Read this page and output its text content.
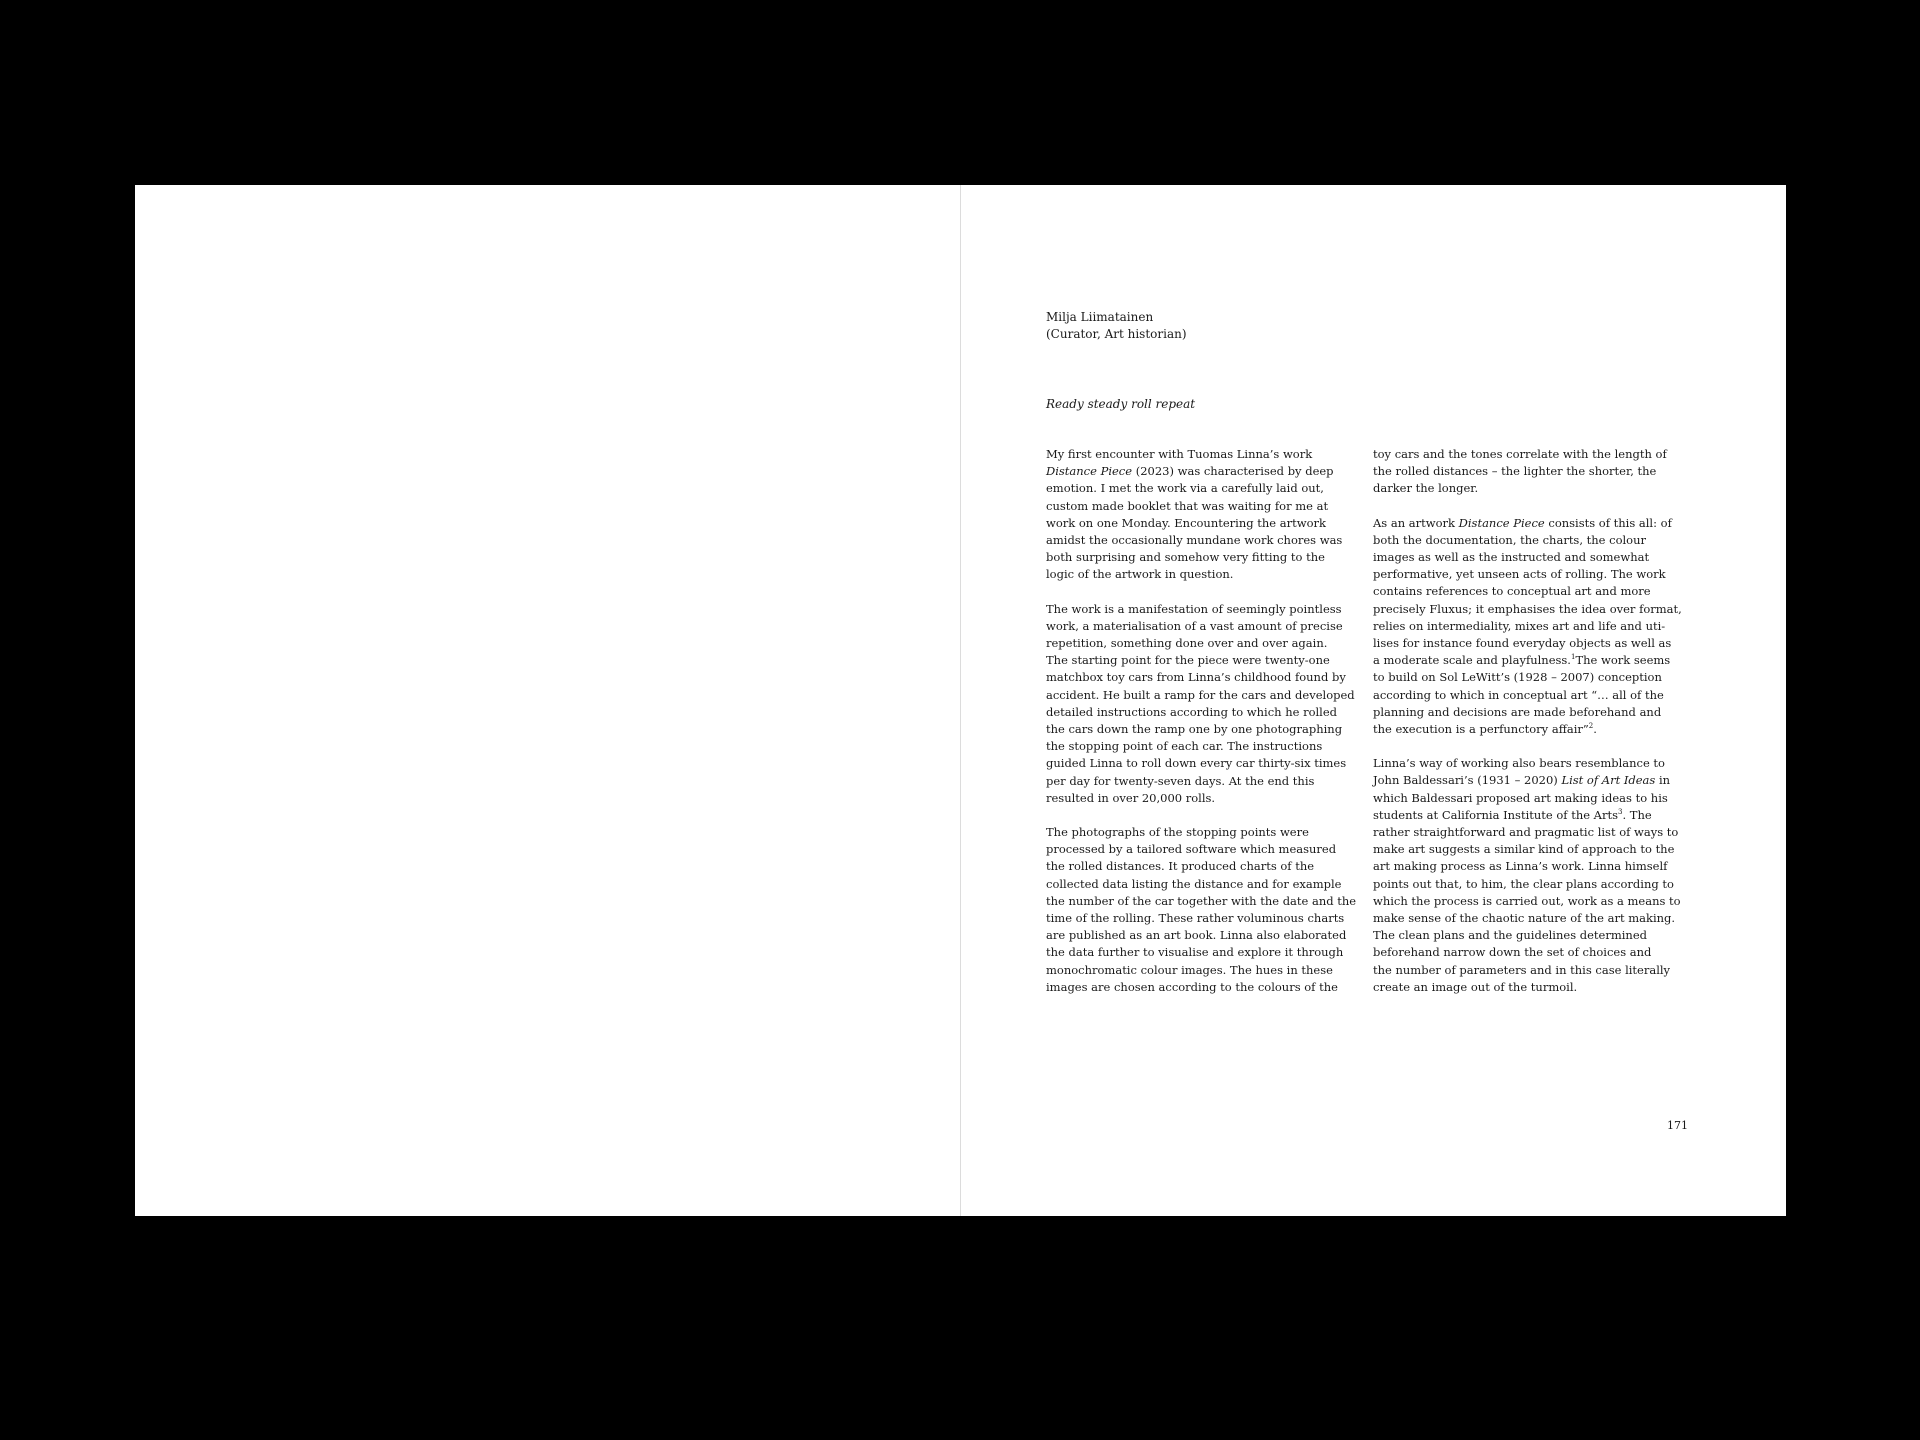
Milja Liimatainen
(Curator, Art historian)
Ready steady roll repeat

My first encounter with Tuomas Linna’s work
Distance Piece (2023) was characterised by deep
emotion. I met the work via a carefully laid out,
custom made booklet that was waiting for me at
work on one Monday. Encountering the artwork
amidst the occasionally mundane work chores was
both surprising and somehow very fitting to the
logic of the artwork in question.

The work is a manifestation of seemingly pointless
work, a materialisation of a vast amount of precise
repetition, something done over and over again.
The starting point for the piece were twenty-one
matchbox toy cars from Linna’s childhood found by
accident. He built a ramp for the cars and developed
detailed instructions according to which he rolled
the cars down the ramp one by one photographing
the stopping point of each car. The instructions
guided Linna to roll down every car thirty-six times
per day for twenty-seven days. At the end this
resulted in over 20,000 rolls.

The photographs of the stopping points were
processed by a tailored software which measured
the rolled distances. It produced charts of the
collected data listing the distance and for example
the number of the car together with the date and the
time of the rolling. These rather voluminous charts
are published as an art book. Linna also elaborated
the data further to visualise and explore it through
monochromatic colour images. The hues in these
images are chosen according to the colours of the

toy cars and the tones correlate with the length of
the rolled distances – the lighter the shorter, the
darker the longer.

As an artwork Distance Piece consists of this all: of
both the documentation, the charts, the colour
images as well as the instructed and somewhat
performative, yet unseen acts of rolling. The work
contains references to conceptual art and more
precisely Fluxus; it emphasises the idea over format,
relies on intermediality, mixes art and life and uti-
lises for instance found everyday objects as well as
a moderate scale and playfulness.$^1$The work seems
to build on Sol LeWitt’s (1928 – 2007) conception
according to which in conceptual art “… all of the
planning and decisions are made beforehand and
the execution is a perfunctory affair”$^2$.

Linna’s way of working also bears resemblance to
John Baldessari’s (1931 – 2020) List of Art Ideas in
which Baldessari proposed art making ideas to his
students at California Institute of the Arts$^3$. The
rather straightforward and pragmatic list of ways to
make art suggests a similar kind of approach to the
art making process as Linna’s work. Linna himself
points out that, to him, the clear plans according to
which the process is carried out, work as a means to
make sense of the chaotic nature of the art making.
The clean plans and the guidelines determined
beforehand narrow down the set of choices and
the number of parameters and in this case literally
create an image out of the turmoil.

171
